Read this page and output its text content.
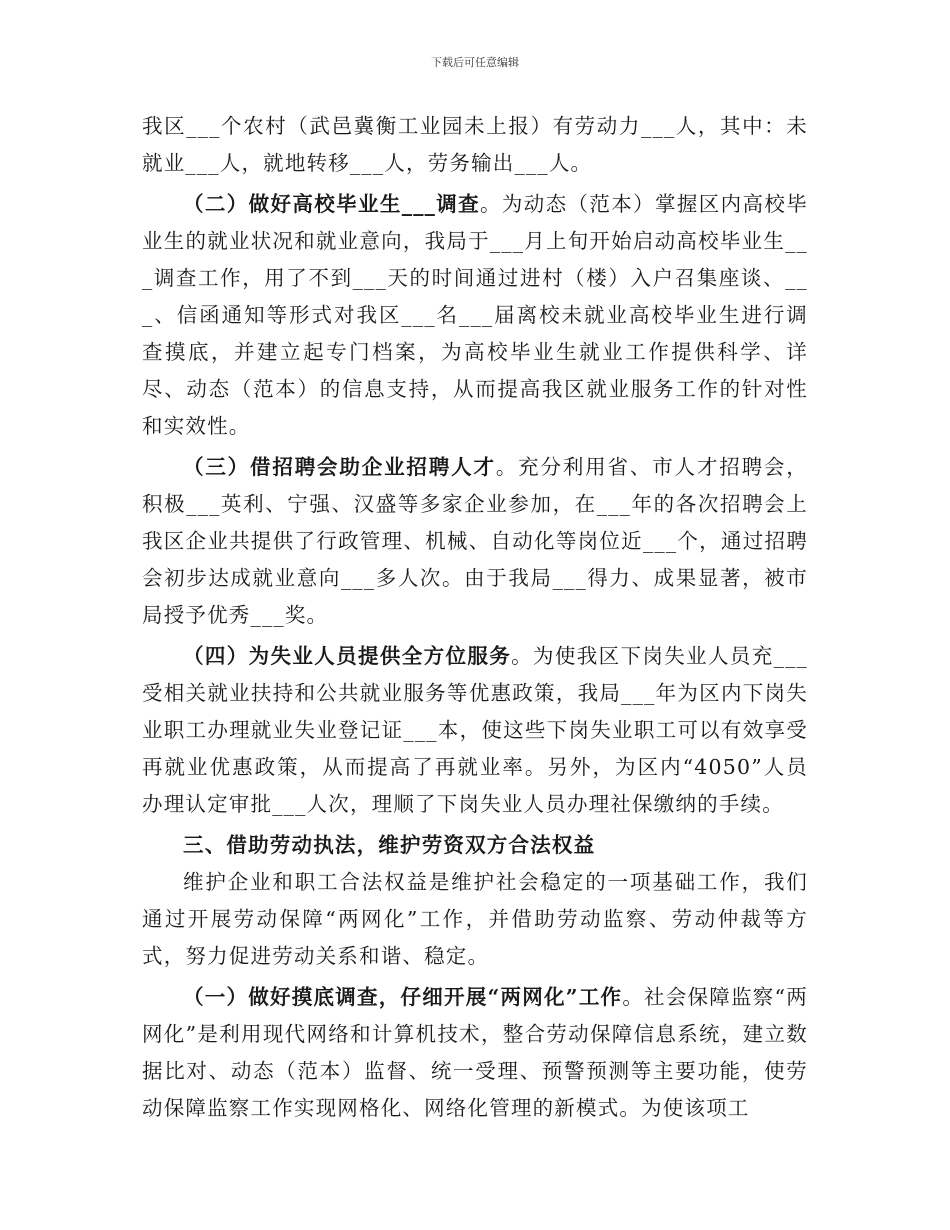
下载后可任意编辑

我区___个农村（武邑冀衡工业园未上报）有劳动力___人，其中：未就业___人，就地转移___人，劳务输出___人。

（二）做好高校毕业生___调查。为动态（范本）掌握区内高校毕业生的就业状况和就业意向，我局于___月上旬开始启动高校毕业生___调查工作，用了不到___天的时间通过进村（楼）入户召集座谈、___、信函通知等形式对我区___名___届离校未就业高校毕业生进行调查摸底，并建立起专门档案，为高校毕业生就业工作提供科学、详尽、动态（范本）的信息支持，从而提高我区就业服务工作的针对性和实效性。

（三）借招聘会助企业招聘人才。充分利用省、市人才招聘会，积极___英利、宁强、汉盛等多家企业参加，在___年的各次招聘会上我区企业共提供了行政管理、机械、自动化等岗位近___个，通过招聘会初步达成就业意向___多人次。由于我局___得力、成果显著，被市局授予优秀___奖。

（四）为失业人员提供全方位服务。为使我区下岗失业人员充___受相关就业扶持和公共就业服务等优惠政策，我局___年为区内下岗失业职工办理就业失业登记证___本，使这些下岗失业职工可以有效享受再就业优惠政策，从而提高了再就业率。另外，为区内“4050”人员办理认定审批___人次，理顺了下岗失业人员办理社保缴纳的手续。

三、借助劳动执法，维护劳资双方合法权益

维护企业和职工合法权益是维护社会稳定的一项基础工作，我们通过开展劳动保障“两网化”工作，并借助劳动监察、劳动仲裁等方式，努力促进劳动关系和谐、稳定。

（一）做好摸底调查，仔细开展“两网化”工作。社会保障监察“两网化”是利用现代网络和计算机技术，整合劳动保障信息系统，建立数据比对、动态（范本）监督、统一受理、预警预测等主要功能，使劳动保障监察工作实现网格化、网络化管理的新模式。为使该项工
